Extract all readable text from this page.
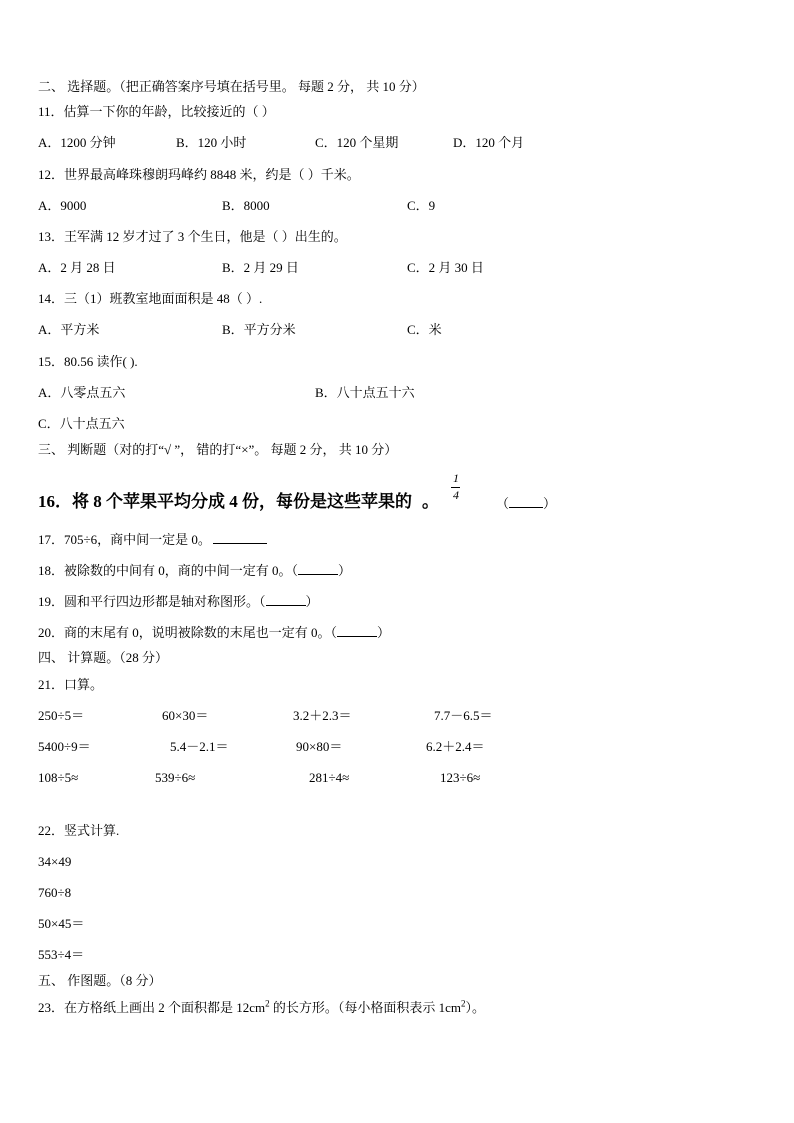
二、 选择题。（把正确答案序号填在括号里。 每题 2 分， 共 10 分）
11．估算一下你的年龄，比较接近的（ ）
A．1200 分钟	B．120 小时	C．120 个星期	D．120 个月
12．世界最高峰珠穆朗玛峰约 8848 米，约是（ ）千米。
A．9000	B．8000	C．9
13．王军满 12 岁才过了 3 个生日，他是（ ）出生的。
A．2 月 28 日	B．2 月 29 日	C．2 月 30 日
14．三（1）班教室地面面积是 48（ ）.
A．平方米	B．平方分米	C．米
15．80.56 读作( ).
A．八零点五六	B．八十点五十六
C．八十点五六
三、 判断题（对的打“√ ”， 错的打“×”。 每题 2 分， 共 10 分）
16．将 8 个苹果平均分成 4 份，每份是这些苹果的 。
1
4
（	）
17．705÷6，商中间一定是 0。
18．被除数的中间有 0，商的中间一定有 0。（	）
19．圆和平行四边形都是轴对称图形。（	）
20．商的末尾有 0，说明被除数的末尾也一定有 0。（	）
四、 计算题。（28 分）
21．口算。
250÷5＝	60×30＝	3.2＋2.3＝	7.7－6.5＝
5400÷9＝	5.4－2.1＝	90×80＝	6.2＋2.4＝
108÷5≈	539÷6≈	281÷4≈	123÷6≈
22．竖式计算.
34×49
760÷8
50×45＝
553÷4＝
五、 作图题。（8 分）
23．在方格纸上画出 2 个面积都是 $12cm^2$ 的长方形。（每小格面积表示 $1cm^2$）。
